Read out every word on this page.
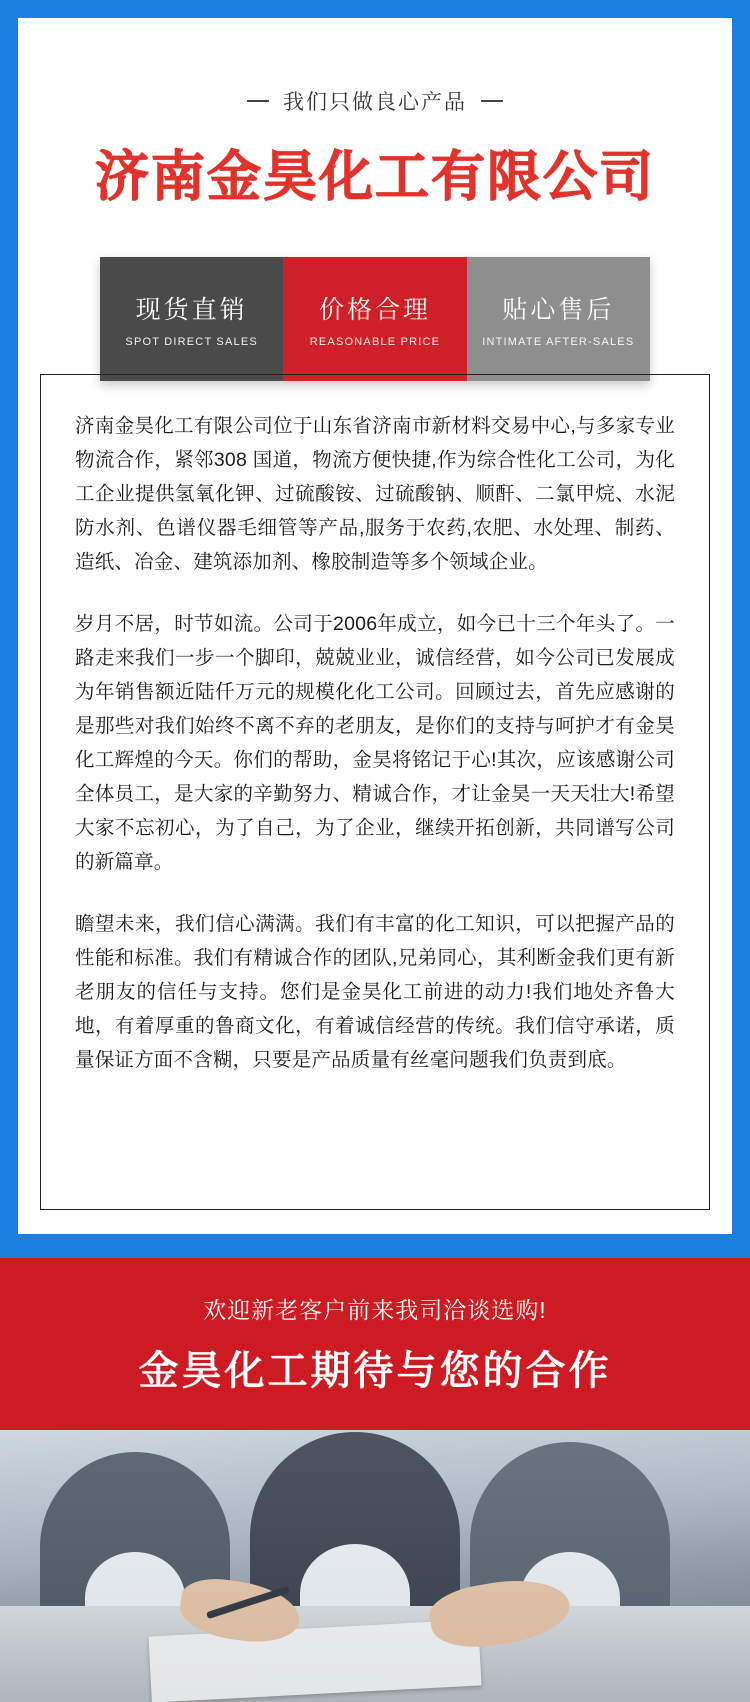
我们只做良心产品
济南金昊化工有限公司
现货直销
SPOT DIRECT SALES
价格合理
REASONABLE PRICE
贴心售后
INTIMATE AFTER-SALES

济南金昊化工有限公司位于山东省济南市新材料交易中心,与多家专业物流合作，紧邻308 国道，物流方便快捷,作为综合性化工公司，为化工企业提供氢氧化钾、过硫酸铵、过硫酸钠、顺酐、二氯甲烷、水泥防水剂、色谱仪器毛细管等产品,服务于农药,农肥、水处理、制药、造纸、冶金、建筑添加剂、橡胶制造等多个领域企业。

岁月不居，时节如流。公司于2006年成立，如今已十三个年头了。一路走来我们一步一个脚印，兢兢业业，诚信经营，如今公司已发展成为年销售额近陆仟万元的规模化化工公司。回顾过去，首先应感谢的是那些对我们始终不离不弃的老朋友，是你们的支持与呵护才有金昊化工辉煌的今天。你们的帮助，金昊将铭记于心!其次，应该感谢公司全体员工，是大家的辛勤努力、精诚合作，才让金昊一天天壮大!希望大家不忘初心，为了自己，为了企业，继续开拓创新，共同谱写公司的新篇章。

瞻望未来，我们信心满满。我们有丰富的化工知识，可以把握产品的性能和标准。我们有精诚合作的团队,兄弟同心，其利断金我们更有新老朋友的信任与支持。您们是金昊化工前进的动力!我们地处齐鲁大地，有着厚重的鲁商文化，有着诚信经营的传统。我们信守承诺，质量保证方面不含糊，只要是产品质量有丝毫问题我们负责到底。

欢迎新老客户前来我司洽谈选购!
金昊化工期待与您的合作
